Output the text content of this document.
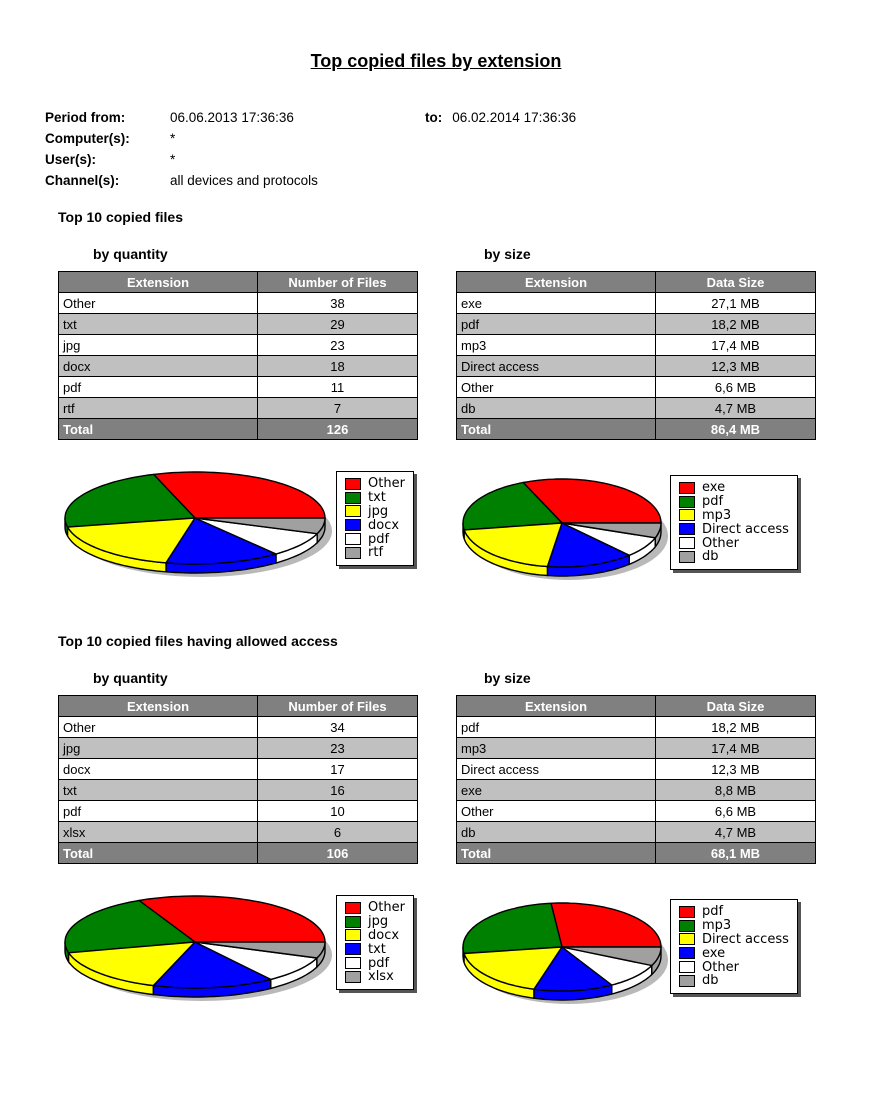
Top copied files by extension
Period from:	06.06.2013 17:36:36	to: 06.02.2014 17:36:36
Computer(s):	*
User(s):	*
Channel(s):	all devices and protocols
Top 10 copied files
by quantity
Extension	Number of Files
Other	38
txt	29
jpg	23
docx	18
pdf	11
rtf	7
Total	126
Other
txt
jpg
docx
pdf
rtf
by size
Extension	Data Size
exe	27,1 MB
pdf	18,2 MB
mp3	17,4 MB
Direct access	12,3 MB
Other	6,6 MB
db	4,7 MB
Total	86,4 MB
exe
pdf
mp3
Direct access
Other
db
Top 10 copied files having allowed access
by quantity
Extension	Number of Files
Other	34
jpg	23
docx	17
txt	16
pdf	10
xlsx	6
Total	106
Other
jpg
docx
txt
pdf
xlsx
by size
Extension	Data Size
pdf	18,2 MB
mp3	17,4 MB
Direct access	12,3 MB
exe	8,8 MB
Other	6,6 MB
db	4,7 MB
Total	68,1 MB
pdf
mp3
Direct access
exe
Other
db
